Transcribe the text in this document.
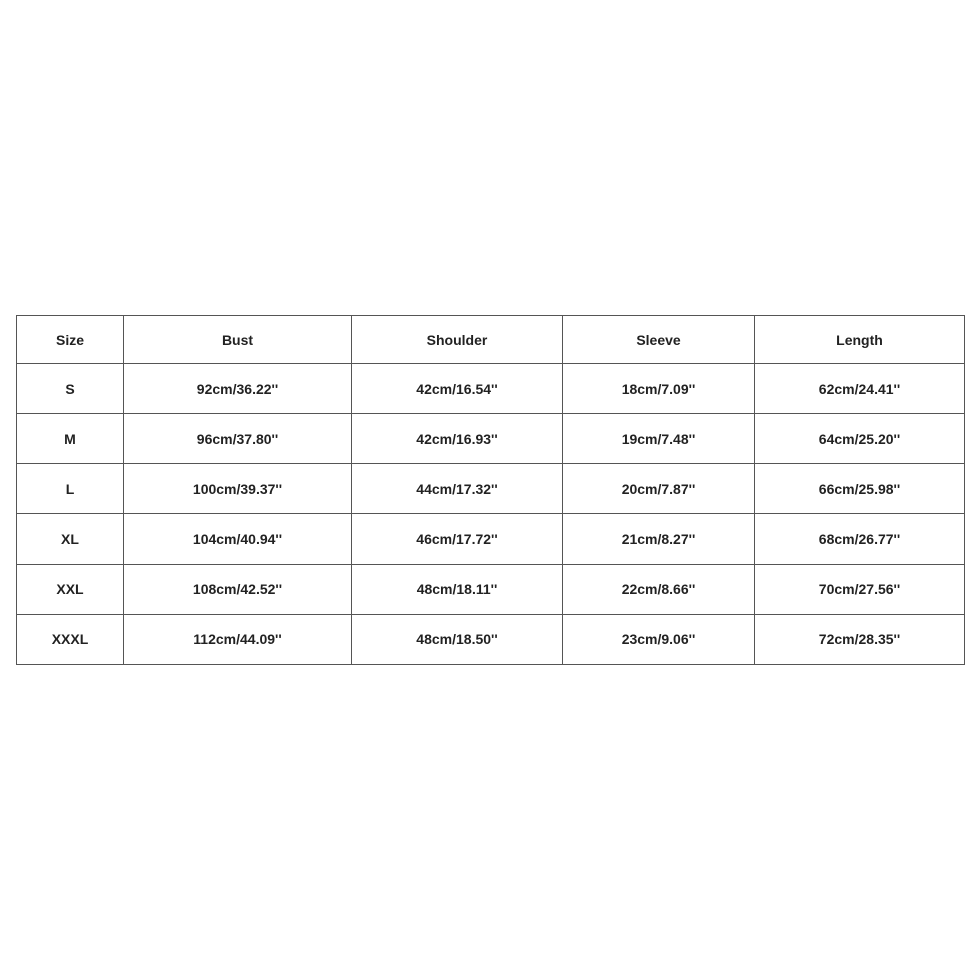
Size	Bust	Shoulder	Sleeve	Length
S	92cm/36.22''	42cm/16.54''	18cm/7.09''	62cm/24.41''
M	96cm/37.80''	42cm/16.93''	19cm/7.48''	64cm/25.20''
L	100cm/39.37''	44cm/17.32''	20cm/7.87''	66cm/25.98''
XL	104cm/40.94''	46cm/17.72''	21cm/8.27''	68cm/26.77''
XXL	108cm/42.52''	48cm/18.11''	22cm/8.66''	70cm/27.56''
XXXL	112cm/44.09''	48cm/18.50''	23cm/9.06''	72cm/28.35''
